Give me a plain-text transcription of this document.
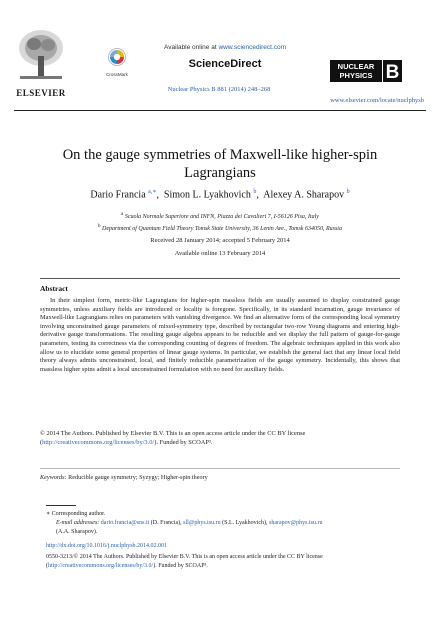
ELSEVIER
CrossMark
Available online at www.sciencedirect.com
ScienceDirect	NUCLEAR
PHYSICS B
Nuclear Physics B 881 (2014) 248–268
www.elsevier.com/locate/nuclphysb
On the gauge symmetries of Maxwell-like higher-spin Lagrangians
Dario Francia $^{a,∗}$,  Simon L. Lyakhovich $^b$,  Alexey A. Sharapov $^b$
$^a$ Scuola Normale Superiore and INFN, Piazza dei Cavalieri 7, I-56126 Pisa, Italy
$^b$ Department of Quantum Field Theory Tomsk State University, 36 Lenin Ave., Tomsk 634050, Russia
Received 28 January 2014; accepted 5 February 2014
Available online 13 February 2014
Abstract

In their simplest form, metric-like Lagrangians for higher-spin massless fields are usually assumed to display constrained gauge symmetries, unless auxiliary fields are introduced or locality is foregone. Specifically, in its standard incarnation, gauge invariance of Maxwell-like Lagrangians relies on parameters with vanishing divergence. We find an alternative form of the corresponding local symmetry involving unconstrained gauge parameters of mixed-symmetry type, described by rectangular two-row Young diagrams and entering high-derivative gauge transformations. The resulting gauge algebra appears to be reducible and we display the full pattern of gauge-for-gauge parameters, testing its correctness via the corresponding counting of degrees of freedom. The algebraic techniques applied in this work also allow us to elucidate some general properties of linear gauge systems. In particular, we establish the general fact that any linear local field theory always admits unconstrained, local, and finitely reducible parametrization of the gauge symmetry. Incidentally, this shows that massless higher spins admit a local unconstrained formulation with no need for auxiliary fields.

© 2014 The Authors. Published by Elsevier B.V. This is an open access article under the CC BY license (http://creativecommons.org/licenses/by/3.0/). Funded by SCOAP³.
Keywords: Reducible gauge symmetry; Syzygy; Higher-spin theory
∗ Corresponding author.
E-mail addresses: dario.francia@sns.it (D. Francia), sll@phys.tsu.ru (S.L. Lyakhovich), sharapov@phys.tsu.ru
(A.A. Sharapov).
http://dx.doi.org/10.1016/j.nuclphysb.2014.02.001
0550-3213/© 2014 The Authors. Published by Elsevier B.V. This is an open access article under the CC BY license (http://creativecommons.org/licenses/by/3.0/). Funded by SCOAP³.
